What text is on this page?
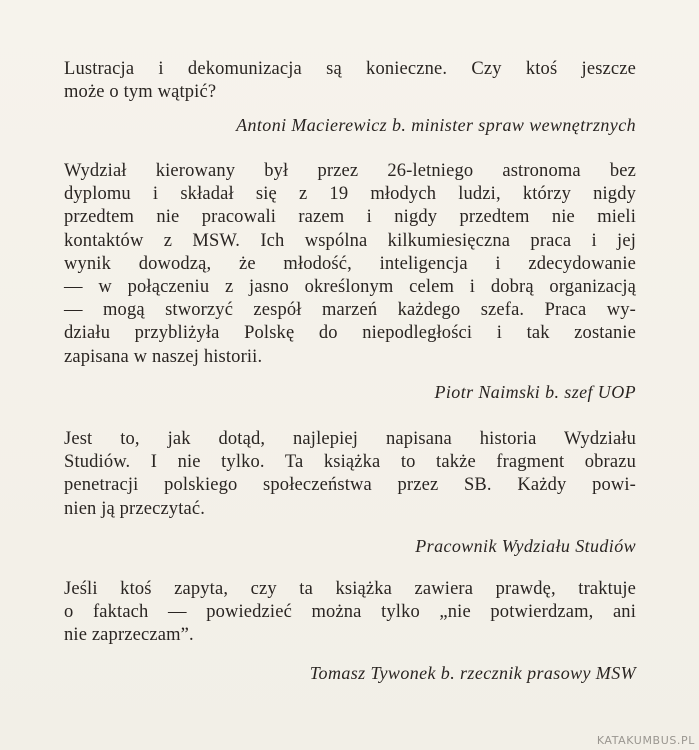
Lustracja i dekomunizacja są konieczne. Czy ktoś jeszcze
może o tym wątpić?
Antoni Macierewicz b. minister spraw wewnętrznych
Wydział kierowany był przez 26-letniego astronoma bez
dyplomu i składał się z 19 młodych ludzi, którzy nigdy
przedtem nie pracowali razem i nigdy przedtem nie mieli
kontaktów z MSW. Ich wspólna kilkumiesięczna praca i jej
wynik dowodzą, że młodość, inteligencja i zdecydowanie
— w połączeniu z jasno określonym celem i dobrą organizacją
— mogą stworzyć zespół marzeń każdego szefa. Praca wy-
działu przybliżyła Polskę do niepodległości i tak zostanie
zapisana w naszej historii.
Piotr Naimski b. szef UOP
Jest to, jak dotąd, najlepiej napisana historia Wydziału
Studiów. I nie tylko. Ta książka to także fragment obrazu
penetracji polskiego społeczeństwa przez SB. Każdy powi-
nien ją przeczytać.
Pracownik Wydziału Studiów
Jeśli ktoś zapyta, czy ta książka zawiera prawdę, traktuje
o faktach — powiedzieć można tylko „nie potwierdzam, ani
nie zaprzeczam”.
Tomasz Tywonek b. rzecznik prasowy MSW
KATAKUMBUS.PL
